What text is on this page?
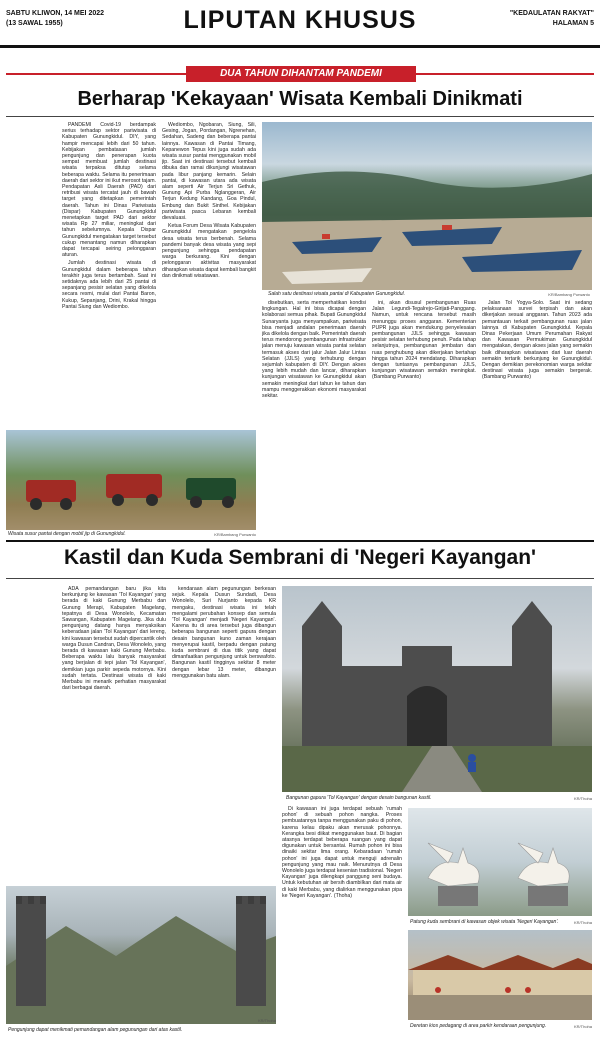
SABTU KLIWON, 14 MEI 2022
(13 SAWAL 1955)	LIPUTAN KHUSUS	"KEDAULATAN RAKYAT"
HALAMAN 5
DUA TAHUN DIHANTAM PANDEMI
Berharap 'Kekayaan' Wisata Kembali Dinikmati

PANDEMI Covid-19 berdampak serius terhadap sektor pariwisata di Kabupaten Gunungkidul. DIY, yang hampir mencapai lebih dari 50 tahun. Kebijakan pembatasan jumlah pengunjung dan penerapan kuota sempat membuat jumlah destinasi wisata terpaksa ditutup selama beberapa waktu. Selama itu penerimaan daerah dari sektor ini ikut merosot tajam. Pendapatan Asli Daerah (PAD) dari retribusi wisata tercatat jauh di bawah target yang ditetapkan pemerintah daerah. Tahun ini Dinas Pariwisata (Dispar) Kabupaten Gunungkidul menetapkan target PAD dari sektor wisata Rp 27 miliar, meningkat dari tahun sebelumnya. Kepala Dispar Gunungkidul mengatakan target tersebut cukup menantang namun diharapkan dapat tercapai seiring pelonggaran aturan.

Jumlah destinasi wisata di Gunungkidul dalam beberapa tahun terakhir juga terus bertambah. Saat ini setidaknya ada lebih dari 25 pantai di sepanjang pesisir selatan yang dikelola secara resmi, mulai dari Pantai Baron, Kukup, Sepanjang, Drini, Krakal hingga Pantai Siung dan Wediombo.

Wediombo, Ngobaran, Siung, Sili, Gesing, Jogan, Pordangan, Ngrenehan, Sedahan, Sadeng dan beberapa pantai lainnya. Kawasan di Pantai Timang, Kepanewon Tepus kini juga sudah ada wisata susur pantai menggunakan mobil jip. Saat ini destinasi tersebut kembali dibuka dan ramai dikunjungi wisatawan pada libur panjang kemarin. Selain pantai, di kawasan utara ada wisata alam seperti Air Terjun Sri Gethuk, Gunung Api Purba Nglanggeran, Air Terjun Kedung Kandang, Goa Pindul, Embung dan Bukit Sinthel. Kebijakan pariwisata pasca Lebaran kembali dievaluasi.

Ketua Forum Desa Wisata Kabupaten Gunungkidul mengatakan pengelola desa wisata terus berbenah. Selama pandemi banyak desa wisata yang sepi pengunjung sehingga pendapatan warga berkurang. Kini dengan pelonggaran aktivitas masyarakat diharapkan wisata dapat kembali bangkit dan dinikmati wisatawan.

Salah satu destinasi wisata pantai di Kabupaten Gunungkidul.	KR/Bambang Purwanto

disebutkan, serta memperhatikan kondisi lingkungan. Hal ini bisa dicapai dengan kolaborasi semua pihak. Bupati Gunungkidul Sunaryanta juga menyampaikan, pariwisata bisa menjadi andalan penerimaan daerah jika dikelola dengan baik. Pemerintah daerah terus mendorong pembangunan infrastruktur jalan menuju kawasan wisata pantai selatan termasuk akses dari jalur Jalan Jalur Lintas Selatan (JJLS) yang terhubung dengan sejumlah kabupaten di DIY. Dengan akses yang lebih mudah dan lancar, diharapkan kunjungan wisatawan ke Gunungkidul akan semakin meningkat dari tahun ke tahun dan mampu menggerakkan ekonomi masyarakat sekitar.

ini, akan disusul pembangunan Ruas Jalan Legundi-Tegalrejo-Girijati-Panggang. Namun, untuk rencana tersebut masih menunggu proses anggaran. Kementerian PUPR juga akan mendukung penyelesaian pembangunan JJLS sehingga kawasan pesisir selatan terhubung penuh. Pada tahap selanjutnya, pembangunan jembatan dan ruas penghubung akan dikerjakan bertahap hingga tahun 2024 mendatang. Diharapkan dengan tuntasnya pembangunan JJLS, kunjungan wisatawan semakin meningkat. (Bambang Purwanto)

Jalan Tol Yogya-Solo. Saat ini sedang pelaksanaan survei terpisah dan akan dikerjakan sesuai anggaran. Tahun 2023 ada pemantauan terkait pembangunan ruas jalan lainnya di Kabupaten Gunungkidul. Kepala Dinas Pekerjaan Umum Perumahan Rakyat dan Kawasan Permukiman Gunungkidul mengatakan, dengan akses jalan yang semakin baik diharapkan wisatawan dari luar daerah semakin tertarik berkunjung ke Gunungkidul. Dengan demikian perekonomian warga sekitar destinasi wisata juga semakin bergerak. (Bambang Purwanto)

Wisata susur pantai dengan mobil jip di Gunungkidul.	KR/Bambang Purwanto
Kastil dan Kuda Sembrani di 'Negeri Kayangan'

ADA pemandangan baru jika kita berkunjung ke kawasan 'Tol Kayangan' yang berada di kaki Gunung Merbabu dan Gunung Merapi, Kabupaten Magelang, tepatnya di Desa Wonolelo, Kecamatan Sawangan, Kabupaten Magelang. Jika dulu pengunjung datang hanya menyaksikan keberadaan jalan 'Tol Kayangan' dari lereng, kini kawasan tersebut sudah dipercantik oleh warga Dusun Candran, Desa Wonolelo, yang berada di kawasan kaki Gunung Merbabu. Beberapa waktu lalu banyak masyarakat yang berjalan di tepi jalan 'Tol Kayangan', demikian juga parkir sepeda motornya. Kini sudah tertata. Destinasi wisata di kaki Merbabu ini menarik perhatian masyarakat dari berbagai daerah.

kendaraan alam pegunungan berkesan sejuk. Kepala Dusun Sundadi, Desa Wonolelo, Suri Nurjanto kepada KR mengaku, destinasi wisata ini telah mengalami perubahan konsep dan semula 'Tol Kayangan' menjadi 'Negeri Kayangan'. Karena itu di area tersebut juga dibangun beberapa bangunan seperti gapura dengan desain bangunan kuno zaman kerajaan menyerupai kastil, berpadu dengan patung kuda sembrani di dua titik yang dapat dimanfaatkan pengunjung untuk berswafoto. Bangunan kastil tingginya sekitar 8 meter dengan lebar 13 meter, dibangun menggunakan batu alam.

Bangunan gapura 'Tol Kayangan' dengan desain bangunan kastil.	KR/Thoha

Di kawasan ini juga terdapat sebuah 'rumah pohon' di sebuah pohon nangka. Proses pembuatannya tanpa menggunakan paku di pohon, karena kelau dipaku akan merusak pohonnya. Kerangka besi diikat menggunakan baut. Di bagian atasnya terdapat beberapa ruangan yang dapat digunakan untuk bersantai. Rumah pohon ini bisa dinaiki sekitar lima orang. Kebaradaan 'rumah pohon' ini juga dapat untuk menguji adrenalin pengunjung yang mau naik. Menurutnya di Desa Wonolelo juga terdapat kesenian tradisional. 'Negeri Kayangan' juga dilengkapi panggung seni budaya. Untuk kebutuhan air bersih diambilkan dari mata air di kaki Merbabu, yang dialirkan menggunakan pipa ke 'Negeri Kayangan'. (Thoha)

Patung kuda sembrani di kawasan objek wisata 'Negeri Kayangan'.	KR/Thoha
Deretan kios pedagang di area parkir kendaraan pengunjung.	KR/Thoha
Pengunjung dapat menikmati pemandangan alam pegunungan dari atas kastil.
KR/Thoha
